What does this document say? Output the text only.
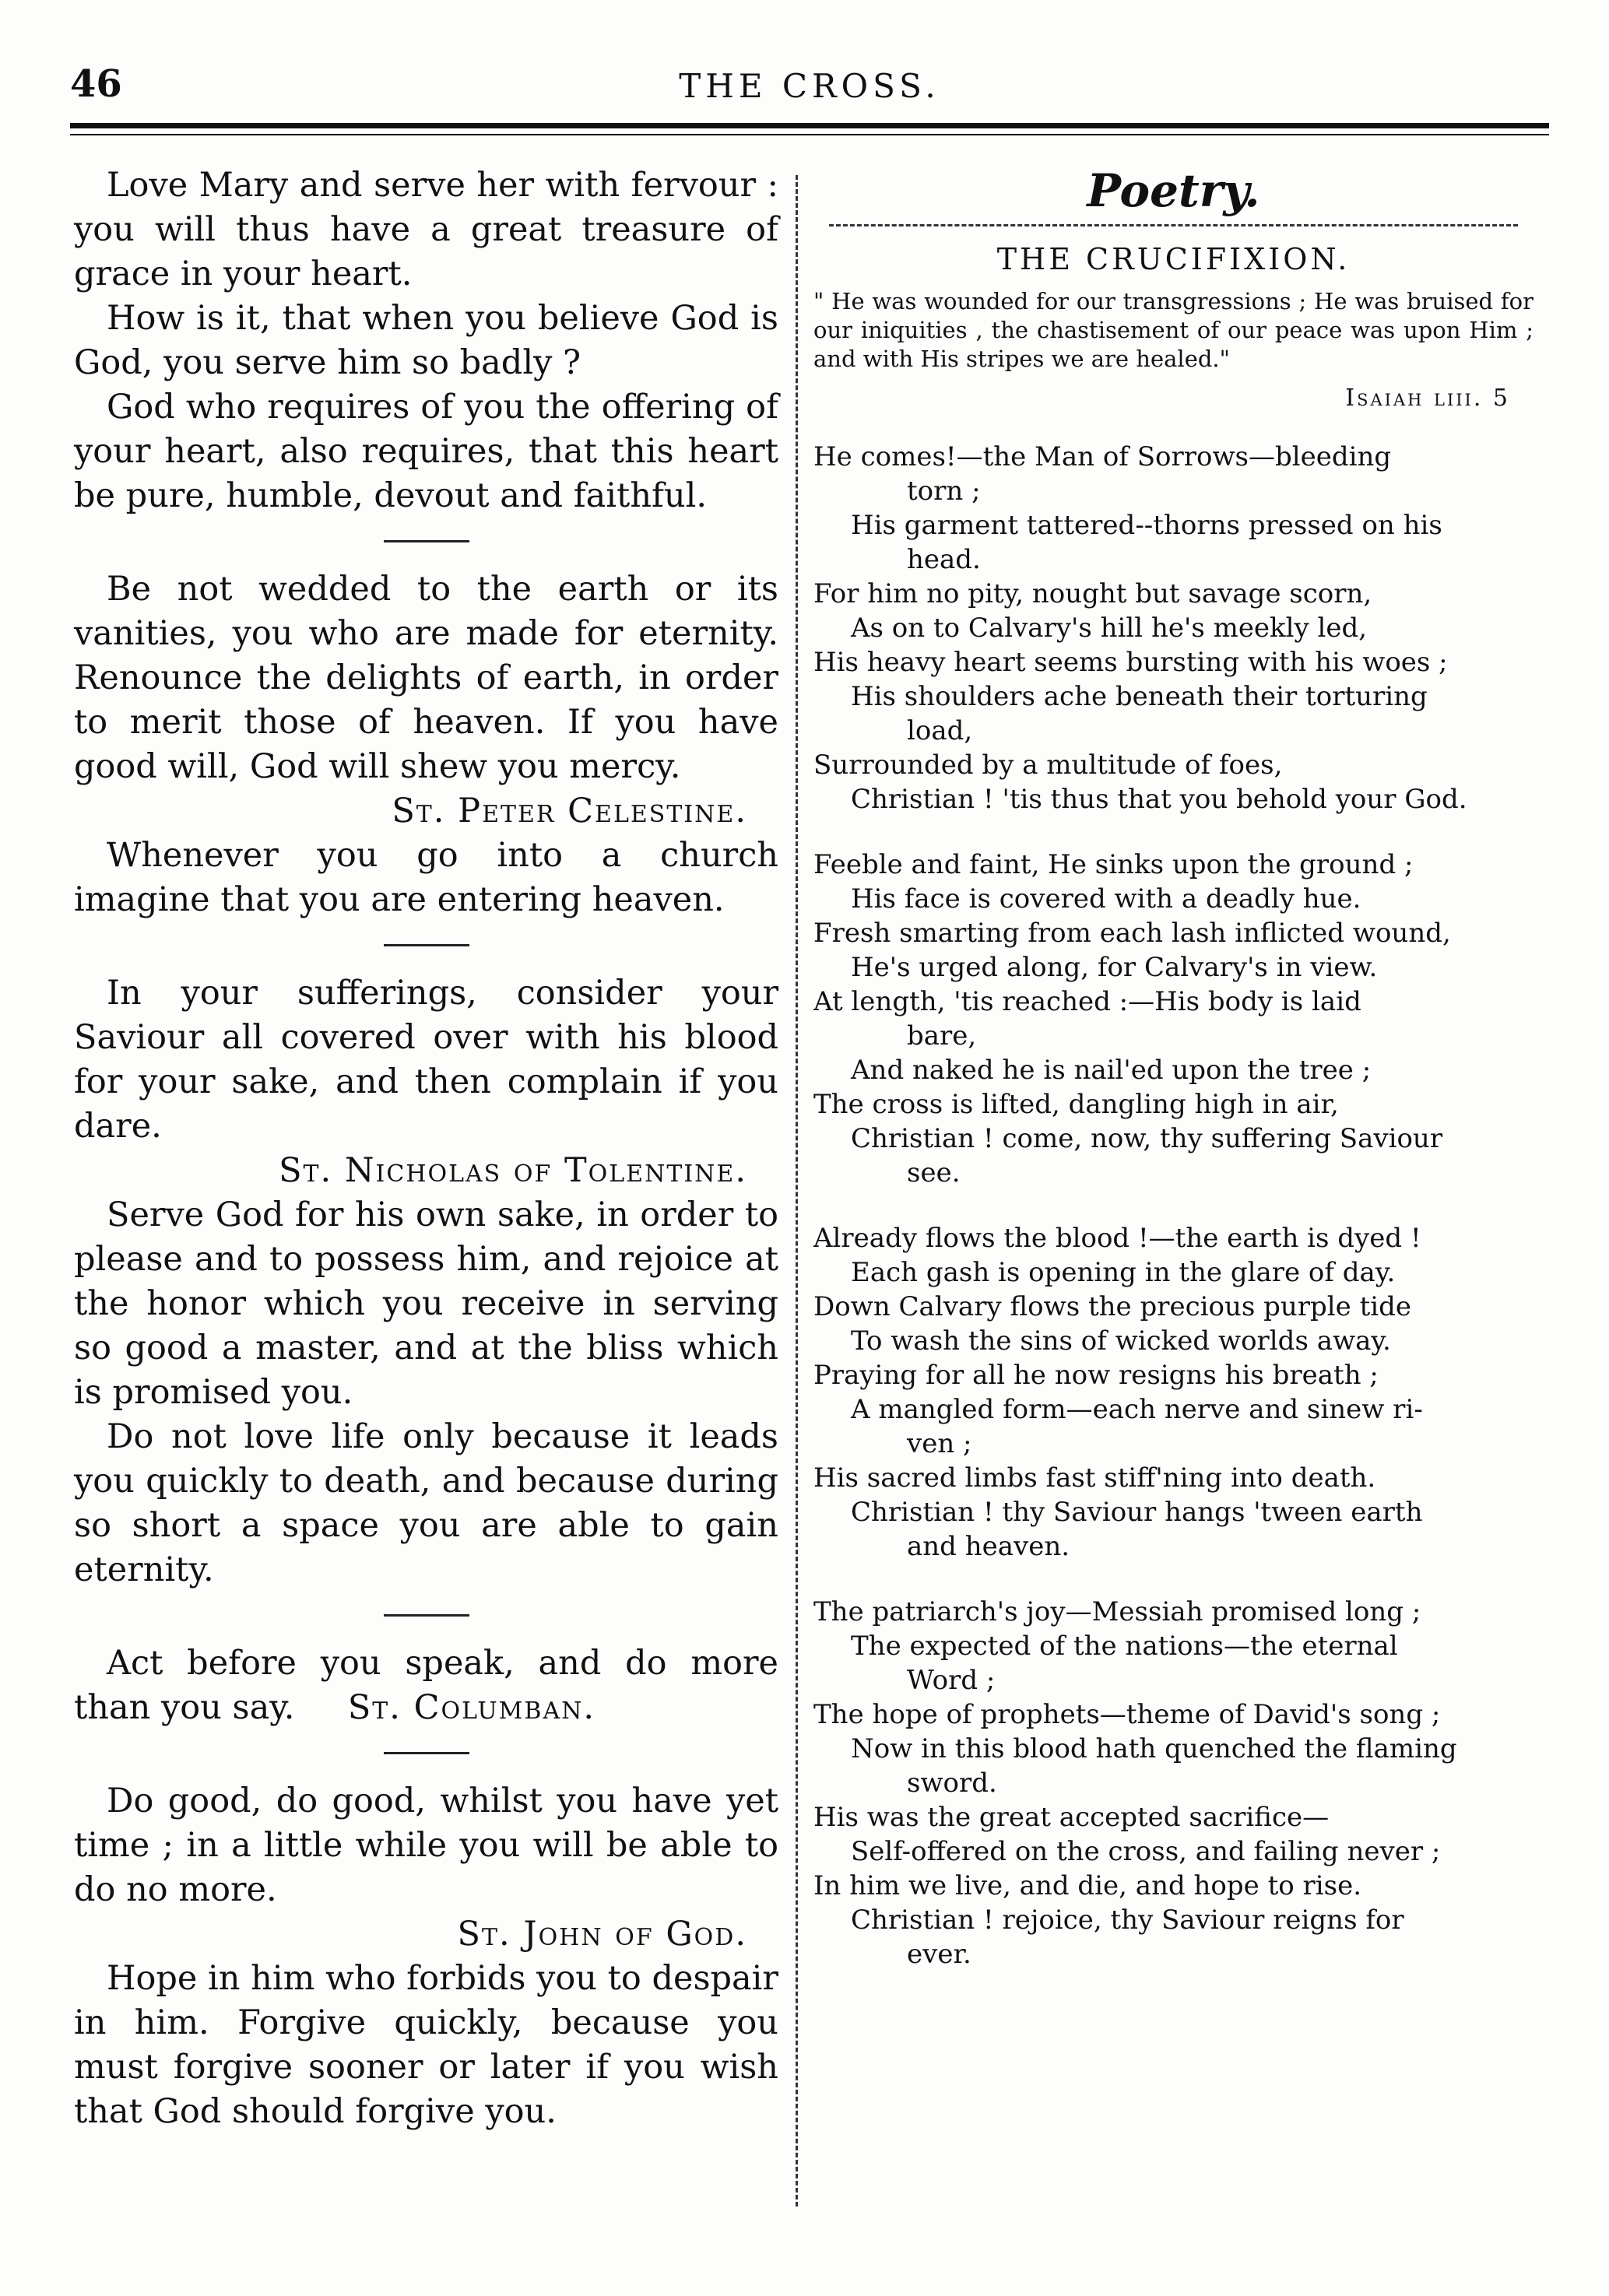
46	THE CROSS.

Love Mary and serve her with fervour : you will thus have a great treasure of grace in your heart.

How is it, that when you believe God is God, you serve him so badly ?

God who requires of you the offering of your heart, also requires, that this heart be pure, humble, devout and faithful.

Be not wedded to the earth or its vanities, you who are made for eternity. Renounce the delights of earth, in order to merit those of heaven. If you have good will, God will shew you mercy.

St. Peter Celestine.

Whenever you go into a church imagine that you are entering heaven.

In your sufferings, consider your Saviour all covered over with his blood for your sake, and then complain if you dare.

St. Nicholas of Tolentine.

Serve God for his own sake, in order to please and to possess him, and rejoice at the honor which you receive in serving so good a master, and at the bliss which is promised you.

Do not love life only because it leads you quickly to death, and because during so short a space you are able to gain eternity.

Act before you speak, and do more than you say. St. Columban.

Do good, do good, whilst you have yet time ; in a little while you will be able to do no more.

St. John of God.

Hope in him who forbids you to despair in him. Forgive quickly, because you must forgive sooner or later if you wish that God should forgive you.

Poetry.
THE CRUCIFIXION.

" He was wounded for our transgressions ; He was bruised for our iniquities , the chastisement of our peace was upon Him ; and with His stripes we are healed."

Isaiah liii. 5
He comes!—the Man of Sorrows—bleeding
torn ;
His garment tattered--thorns pressed on his
head.
For him no pity, nought but savage scorn,
As on to Calvary's hill he's meekly led,
His heavy heart seems bursting with his woes ;
His shoulders ache beneath their torturing
load,
Surrounded by a multitude of foes,
Christian ! 'tis thus that you behold your God.
Feeble and faint, He sinks upon the ground ;
His face is covered with a deadly hue.
Fresh smarting from each lash inflicted wound,
He's urged along, for Calvary's in view.
At length, 'tis reached :—His body is laid
bare,
And naked he is nail'ed upon the tree ;
The cross is lifted, dangling high in air,
Christian ! come, now, thy suffering Saviour
see.
Already flows the blood !—the earth is dyed !
Each gash is opening in the glare of day.
Down Calvary flows the precious purple tide
To wash the sins of wicked worlds away.
Praying for all he now resigns his breath ;
A mangled form—each nerve and sinew ri-
ven ;
His sacred limbs fast stiff'ning into death.
Christian ! thy Saviour hangs 'tween earth
and heaven.
The patriarch's joy—Messiah promised long ;
The expected of the nations—the eternal
Word ;
The hope of prophets—theme of David's song ;
Now in this blood hath quenched the flaming
sword.
His was the great accepted sacrifice—
Self-offered on the cross, and failing never ;
In him we live, and die, and hope to rise.
Christian ! rejoice, thy Saviour reigns for
ever.
